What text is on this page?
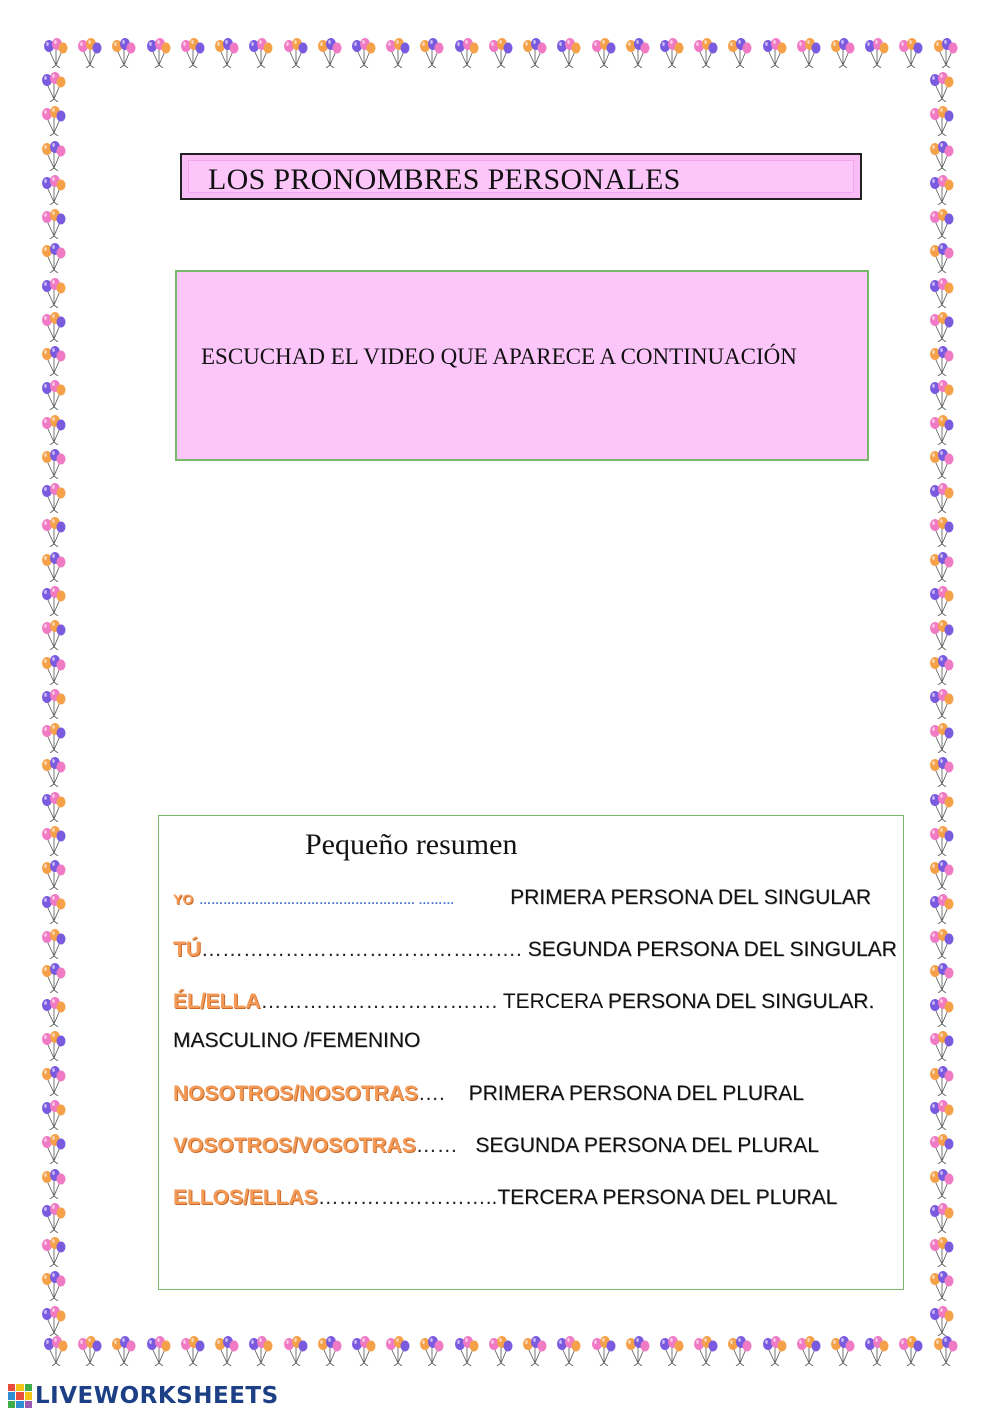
LOS PRONOMBRES PERSONALES
ESCUCHAD EL VIDEO QUE APARECE A CONTINUACIÓN
Pequeño resumen
YO ……………………………………………… ………	PRIMERA PERSONA DEL SINGULAR
TÚ………………………………………. SEGUNDA PERSONA DEL SINGULAR
ÉL/ELLA……………………………. TERCERA PERSONA DEL SINGULAR.
MASCULINO /FEMENINO
NOSOTROS/NOSOTRAS…. PRIMERA PERSONA DEL PLURAL
VOSOTROS/VOSOTRAS…… SEGUNDA PERSONA DEL PLURAL
ELLOS/ELLAS……………………..TERCERA PERSONA DEL PLURAL
LIVEWORKSHEETS
